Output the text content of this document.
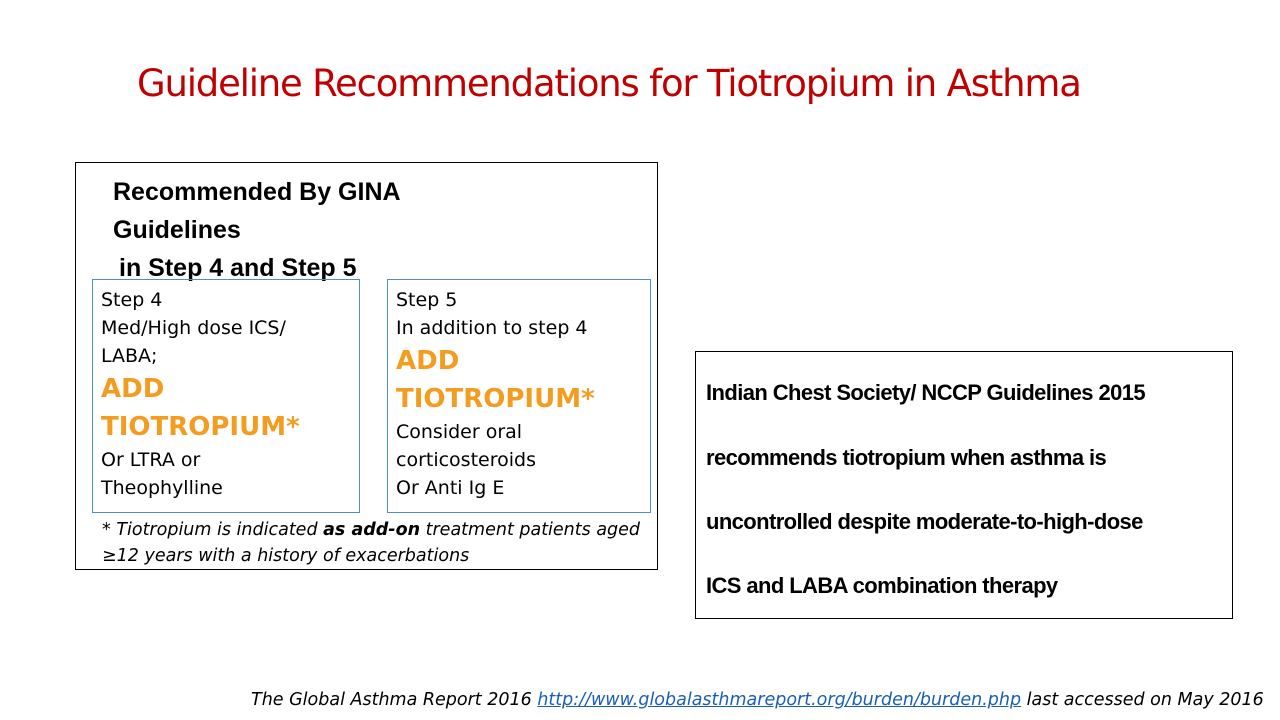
Guideline Recommendations for Tiotropium in Asthma
Recommended By GINA
Guidelines
in Step 4 and Step 5
Step 4
Med/High dose ICS/
LABA;
ADD
TIOTROPIUM*
Or LTRA or
Theophylline
Step 5
In addition to step 4
ADD
TIOTROPIUM*
Consider oral
corticosteroids
Or Anti Ig E
* Tiotropium is indicated as add-on treatment patients aged
≥12 years with a history of exacerbations
Indian Chest Society/ NCCP Guidelines 2015
recommends tiotropium when asthma is
uncontrolled despite moderate-to-high-dose
ICS and LABA combination therapy
The Global Asthma Report 2016 http://www.globalasthmareport.org/burden/burden.php last accessed on May 2016
